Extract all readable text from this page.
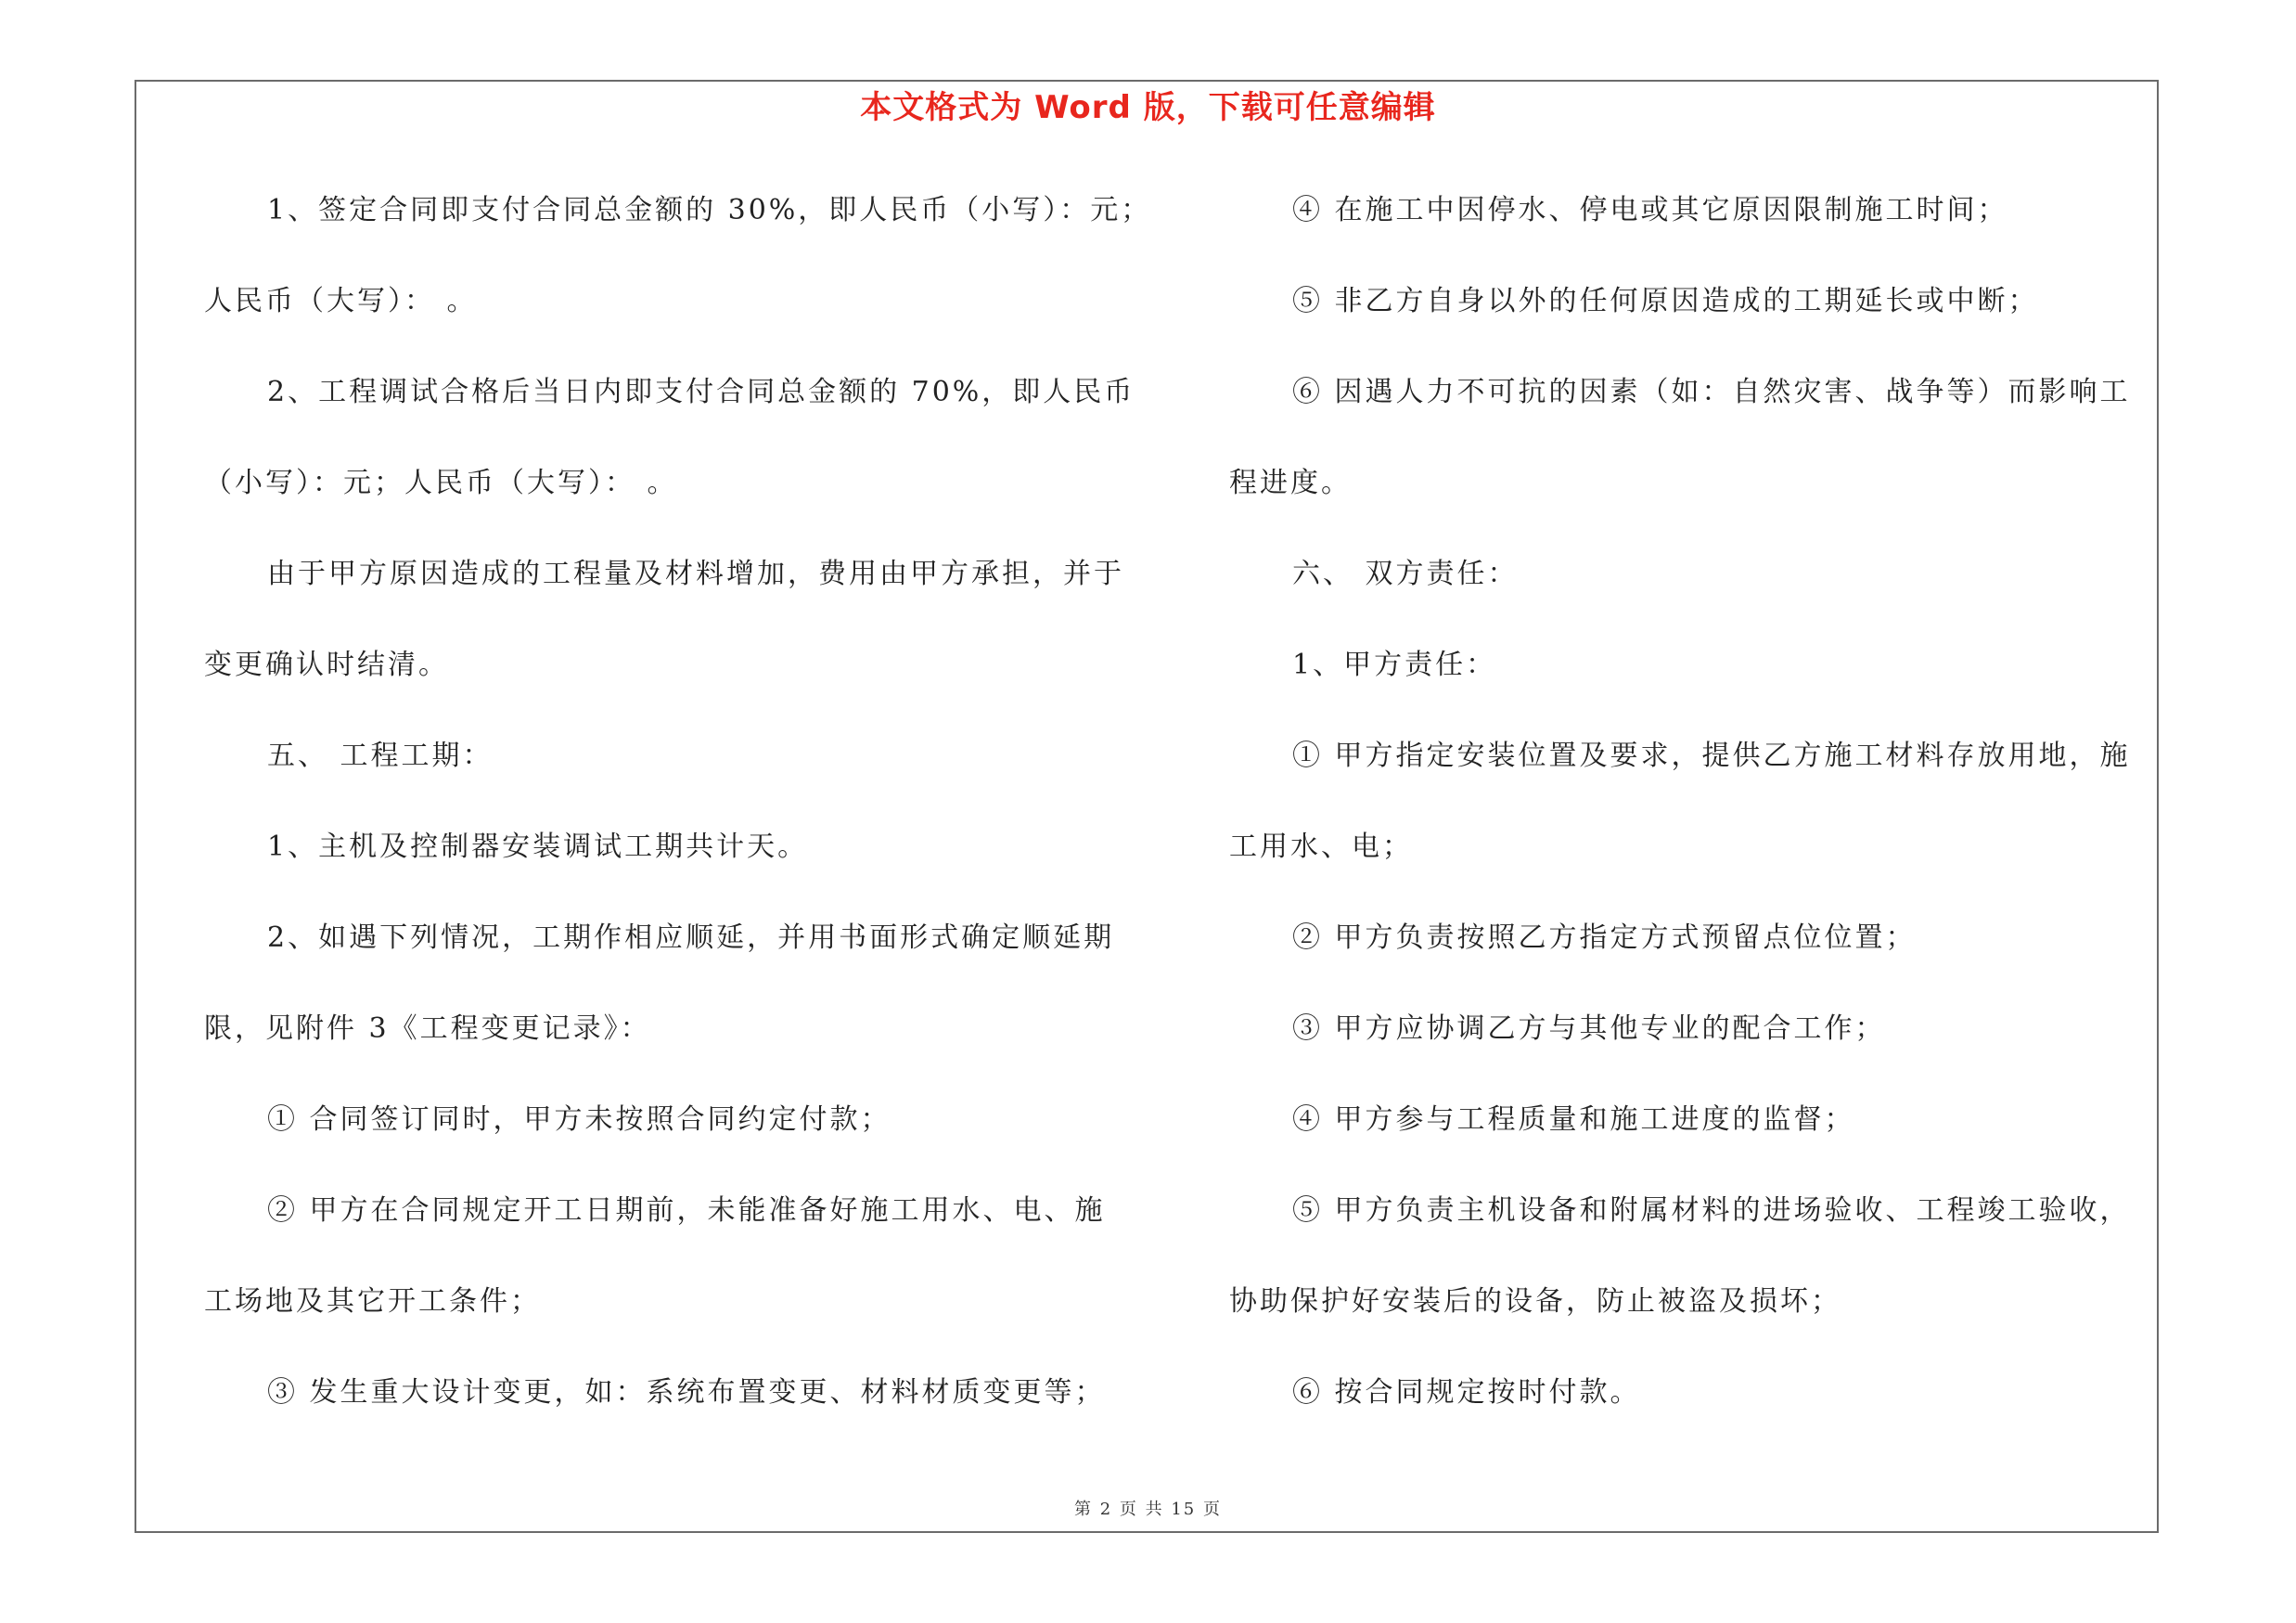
本文格式为 Word 版，下载可任意编辑
1、签定合同即支付合同总金额的 30%，即人民币（小写）：元；
人民币（大写）： 。
2、工程调试合格后当日内即支付合同总金额的 70%，即人民币
（小写）：元；人民币（大写）： 。
由于甲方原因造成的工程量及材料增加，费用由甲方承担，并于
变更确认时结清。
五、 工程工期：
1、主机及控制器安装调试工期共计天。
2、如遇下列情况，工期作相应顺延，并用书面形式确定顺延期
限，见附件 3《工程变更记录》：
① 合同签订同时，甲方未按照合同约定付款；
② 甲方在合同规定开工日期前，未能准备好施工用水、电、施
工场地及其它开工条件；
③ 发生重大设计变更，如：系统布置变更、材料材质变更等；
④ 在施工中因停水、停电或其它原因限制施工时间；
⑤ 非乙方自身以外的任何原因造成的工期延长或中断；
⑥ 因遇人力不可抗的因素（如：自然灾害、战争等）而影响工
程进度。
六、 双方责任：
1、甲方责任：
① 甲方指定安装位置及要求，提供乙方施工材料存放用地，施
工用水、电；
② 甲方负责按照乙方指定方式预留点位位置；
③ 甲方应协调乙方与其他专业的配合工作；
④ 甲方参与工程质量和施工进度的监督；
⑤ 甲方负责主机设备和附属材料的进场验收、工程竣工验收，
协助保护好安装后的设备，防止被盗及损坏；
⑥ 按合同规定按时付款。
第 2 页 共 15 页
